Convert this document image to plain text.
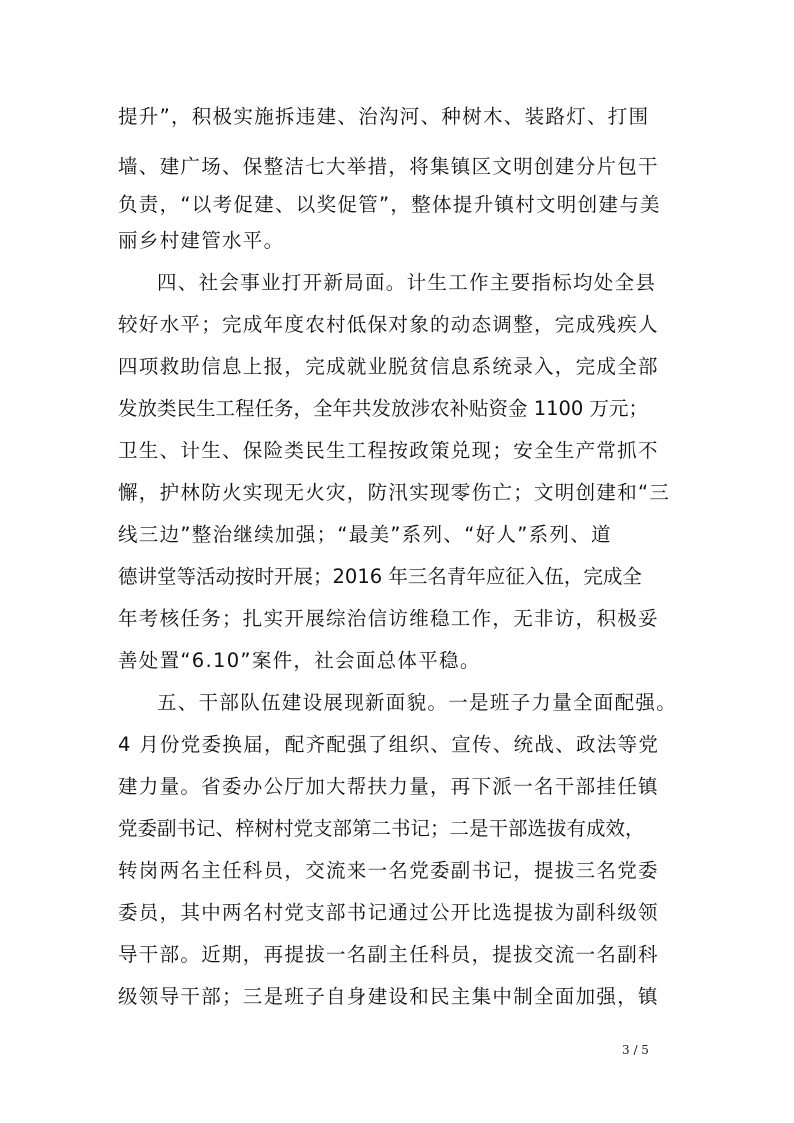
提升”，积极实施拆违建、治沟河、种树木、装路灯、打围
墙、建广场、保整洁七大举措，将集镇区文明创建分片包干
负责，“以考促建、以奖促管”，整体提升镇村文明创建与美
丽乡村建管水平。
四、社会事业打开新局面。计生工作主要指标均处全县
较好水平；完成年度农村低保对象的动态调整，完成残疾人
四项救助信息上报，完成就业脱贫信息系统录入，完成全部
发放类民生工程任务，全年共发放涉农补贴资金 1100 万元；
卫生、计生、保险类民生工程按政策兑现；安全生产常抓不
懈，护林防火实现无火灾，防汛实现零伤亡；文明创建和“三
线三边”整治继续加强；“最美”系列、“好人”系列、道
德讲堂等活动按时开展；2016 年三名青年应征入伍，完成全
年考核任务；扎实开展综治信访维稳工作，无非访，积极妥
善处置“6.10”案件，社会面总体平稳。
五、干部队伍建设展现新面貌。一是班子力量全面配强。
4 月份党委换届，配齐配强了组织、宣传、统战、政法等党
建力量。省委办公厅加大帮扶力量，再下派一名干部挂任镇
党委副书记、梓树村党支部第二书记；二是干部选拔有成效，
转岗两名主任科员，交流来一名党委副书记，提拔三名党委
委员，其中两名村党支部书记通过公开比选提拔为副科级领
导干部。近期，再提拔一名副主任科员，提拔交流一名副科
级领导干部；三是班子自身建设和民主集中制全面加强，镇
3 / 5
